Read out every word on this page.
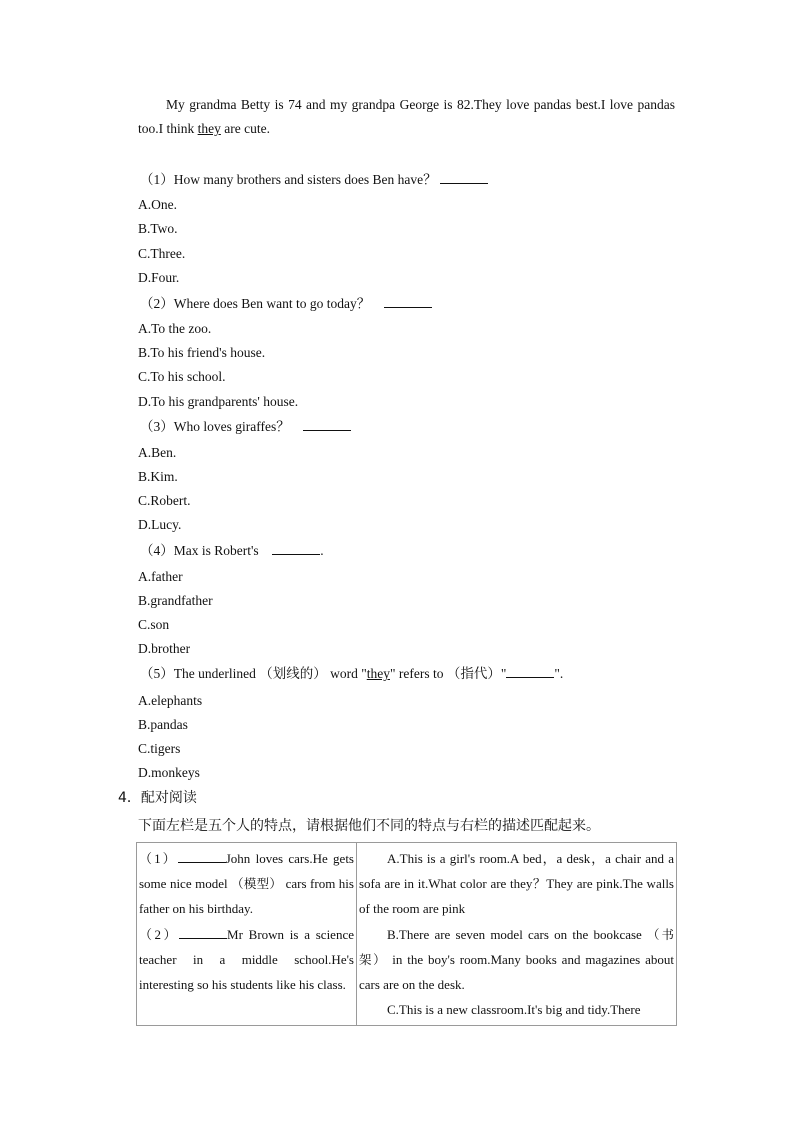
My grandma Betty is 74 and my grandpa George is 82.They love pandas best.I love pandas too.I think they are cute.
（1）How many brothers and sisters does Ben have？
A.One.
B.Two.
C.Three.
D.Four.
（2）Where does Ben want to go today？
A.To the zoo.
B.To his friend's house.
C.To his school.
D.To his grandparents' house.
（3）Who loves giraffes？
A.Ben.
B.Kim.
C.Robert.
D.Lucy.
（4）Max is Robert's	.
A.father
B.grandfather
C.son
D.brother
（5）The underlined （划线的） word "they" refers to （指代）"	".
A.elephants
B.pandas
C.tigers
D.monkeys
4．配对阅读
下面左栏是五个人的特点，请根据他们不同的特点与右栏的描述匹配起来。

（1）	John loves cars.He gets some nice model （模型） cars from his father on his birthday.

（2）	Mr Brown is a science teacher in a middle school.He's interesting so his students like his class.

A.This is a girl's room.A bed，a desk，a chair and a sofa are in it.What color are they？They are pink.The walls of the room are pink

B.There are seven model cars on the bookcase （书架） in the boy's room.Many books and magazines about cars are on the desk.

C.This is a new classroom.It's big and tidy.There
